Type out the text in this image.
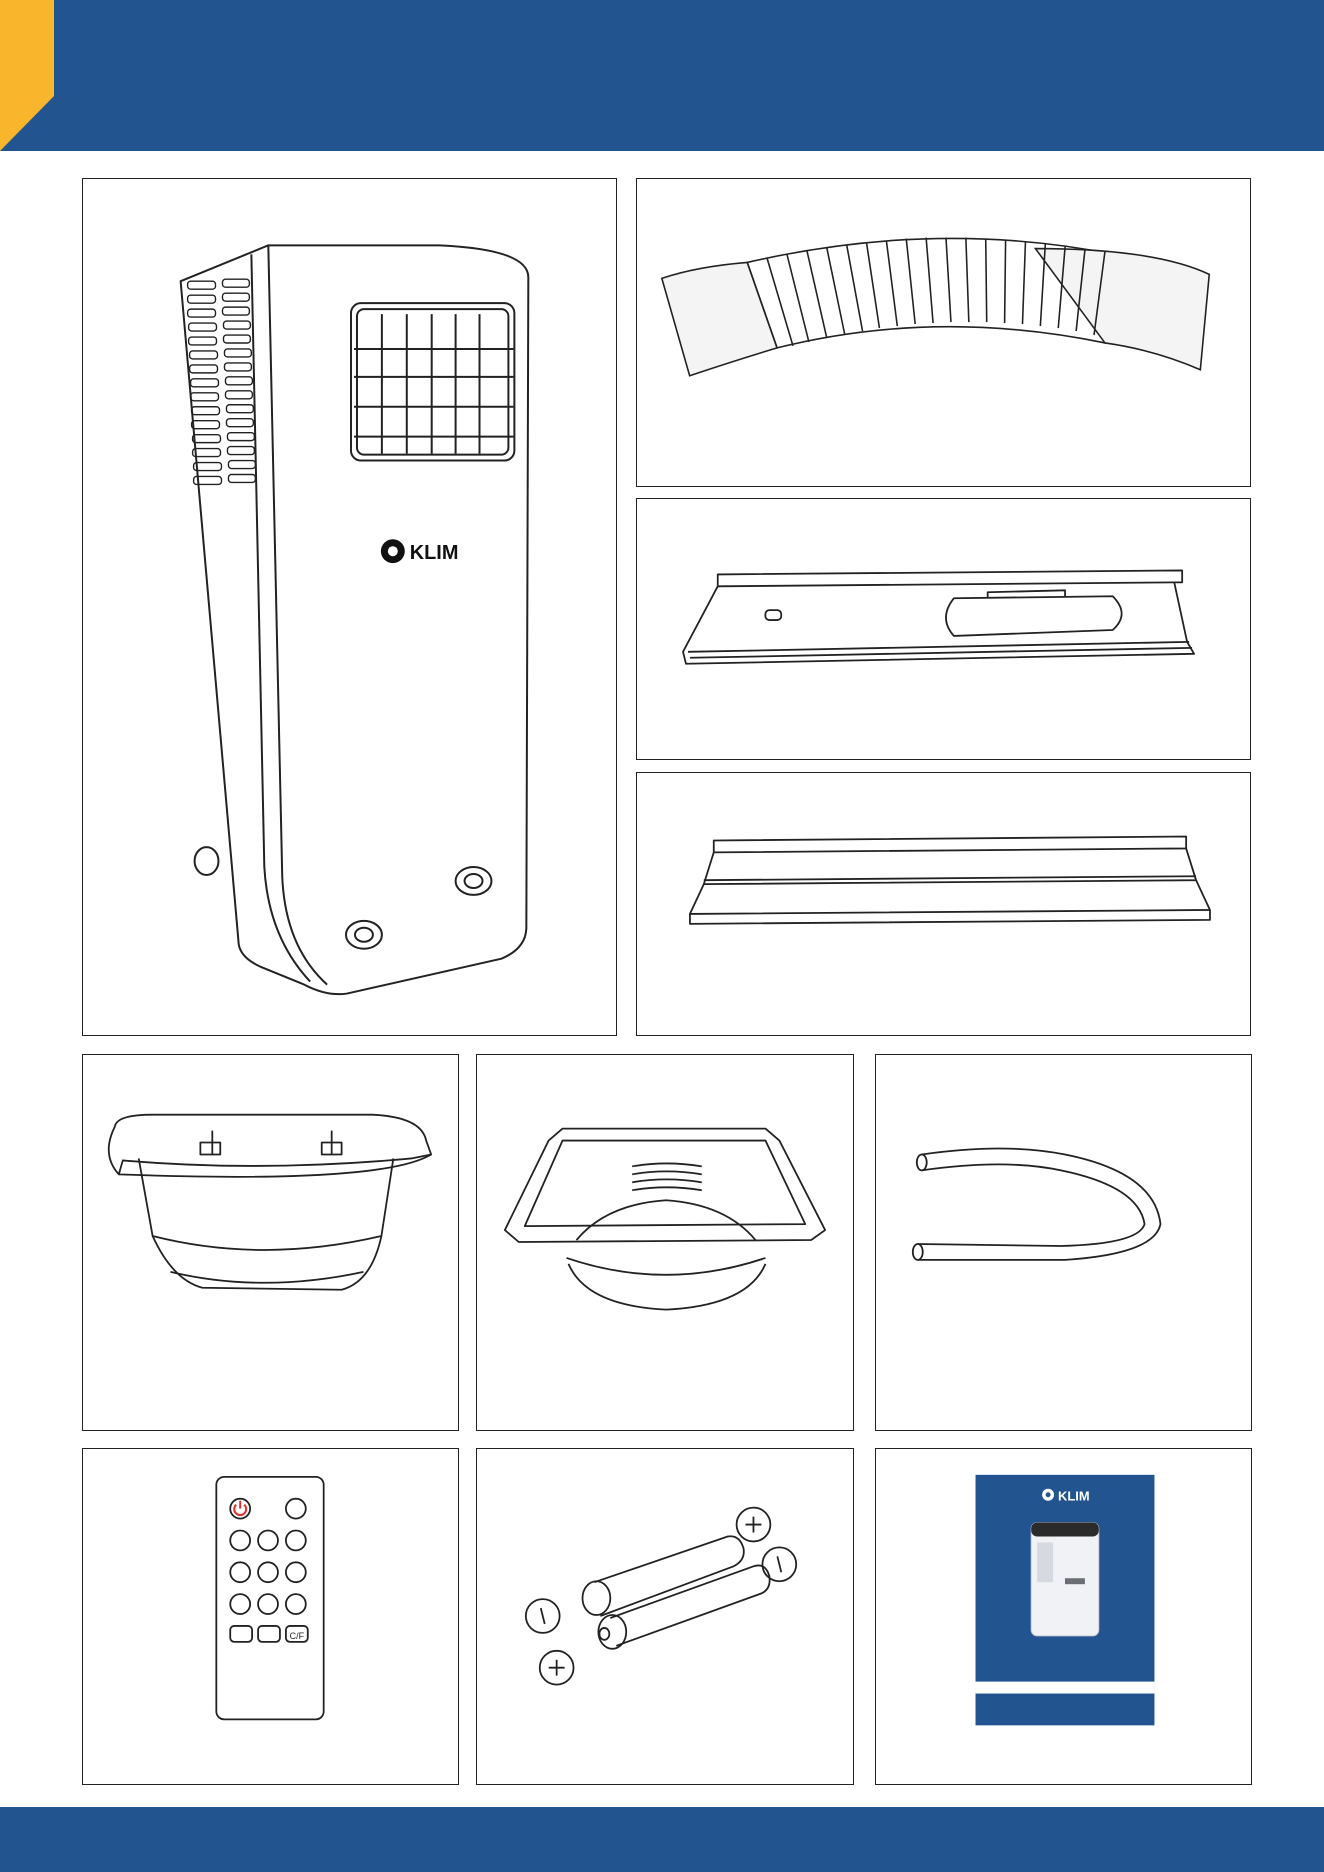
KLIM
C/F
KLIM
